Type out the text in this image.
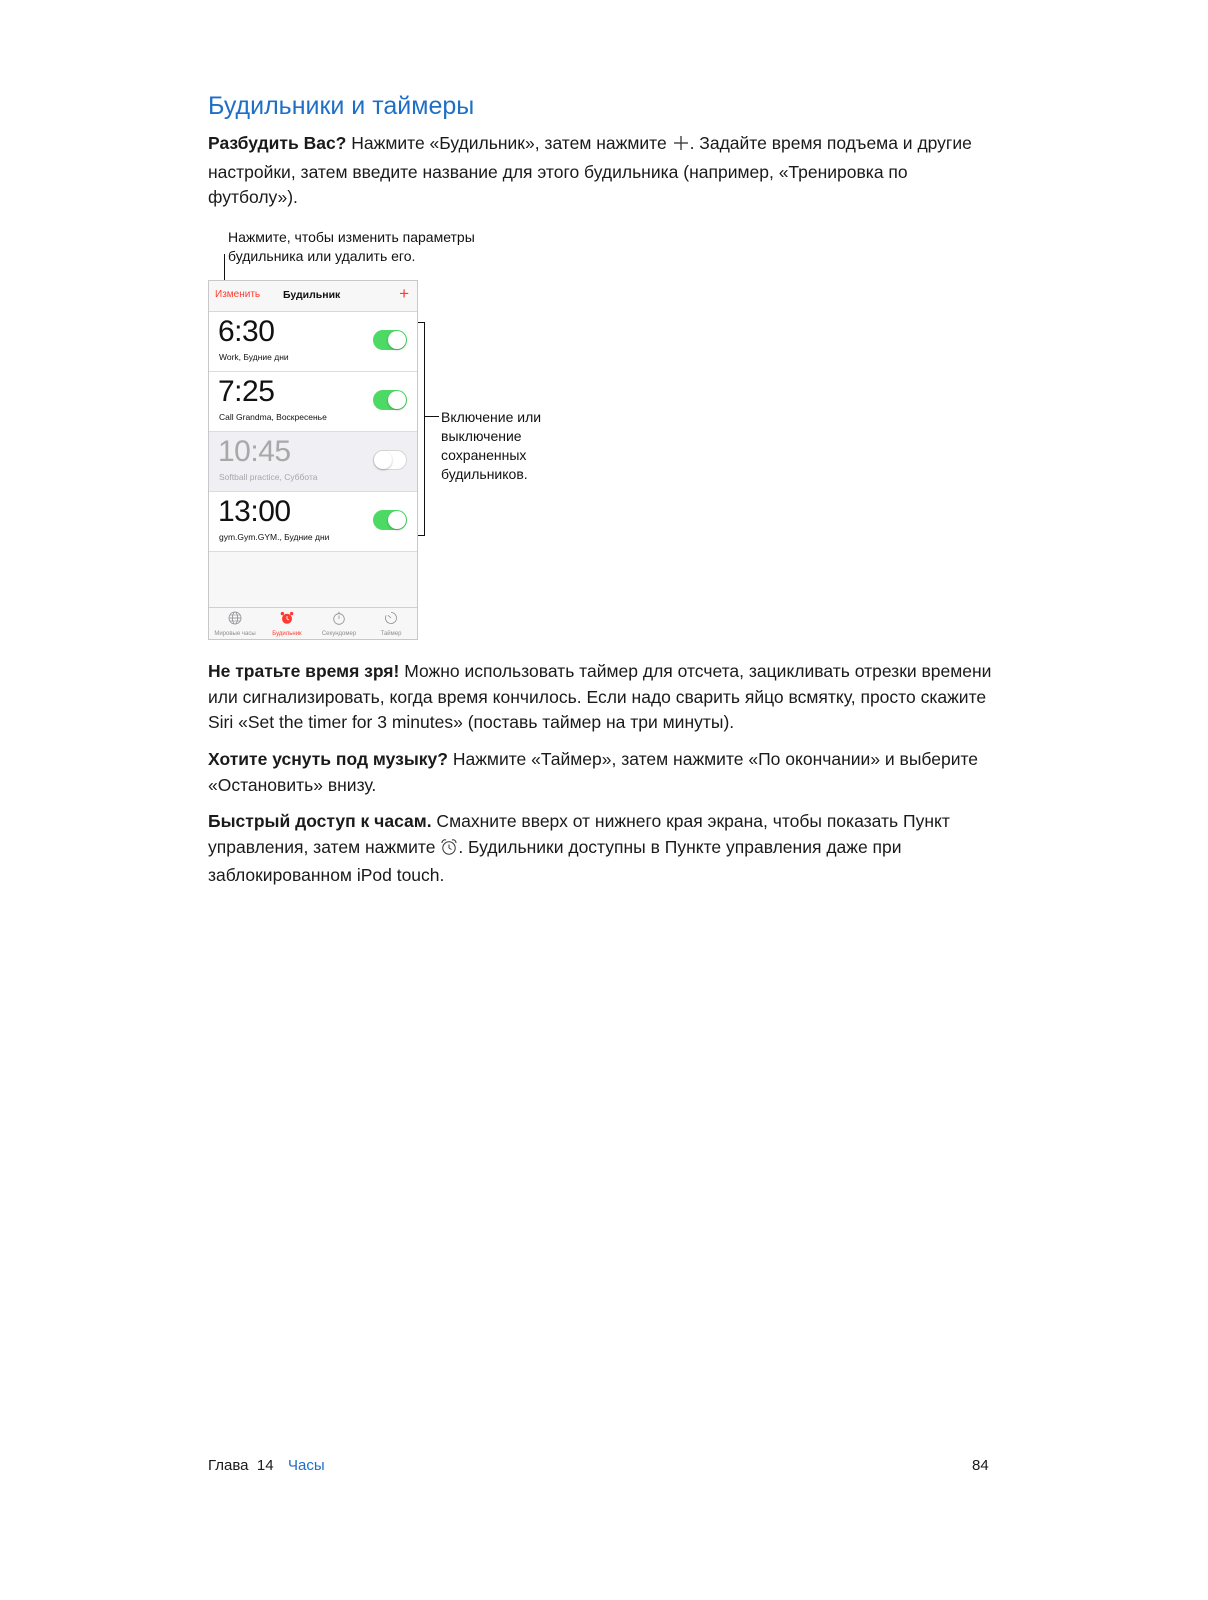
Будильники и таймеры

Разбудить Вас? Нажмите «Будильник», затем нажмите . Задайте время подъема и другие настройки, затем введите название для этого будильника (например, «Тренировка по футболу»).

Нажмите, чтобы изменить параметры будильника или удалить его.
Включение или выключение сохраненных будильников.
Изменить Будильник	+
6:30
Work, Будние дни
7:25
Call Grandma, Воскресенье
10:45
Softball practice, Суббота
13:00
gym.Gym.GYM., Будние дни
Мировые часы	Будильник	Секундомер	Таймер

Не тратьте время зря! Можно использовать таймер для отсчета, зацикливать отрезки времени или сигнализировать, когда время кончилось. Если надо сварить яйцо всмятку, просто скажите Siri «Set the timer for 3 minutes» (поставь таймер на три минуты).

Хотите уснуть под музыку? Нажмите «Таймер», затем нажмите «По окончании» и выберите «Остановить» внизу.

Быстрый доступ к часам. Смахните вверх от нижнего края экрана, чтобы показать Пункт управления, затем нажмите . Будильники доступны в Пункте управления даже при заблокированном iPod touch.

Глава  14 Часы	84
